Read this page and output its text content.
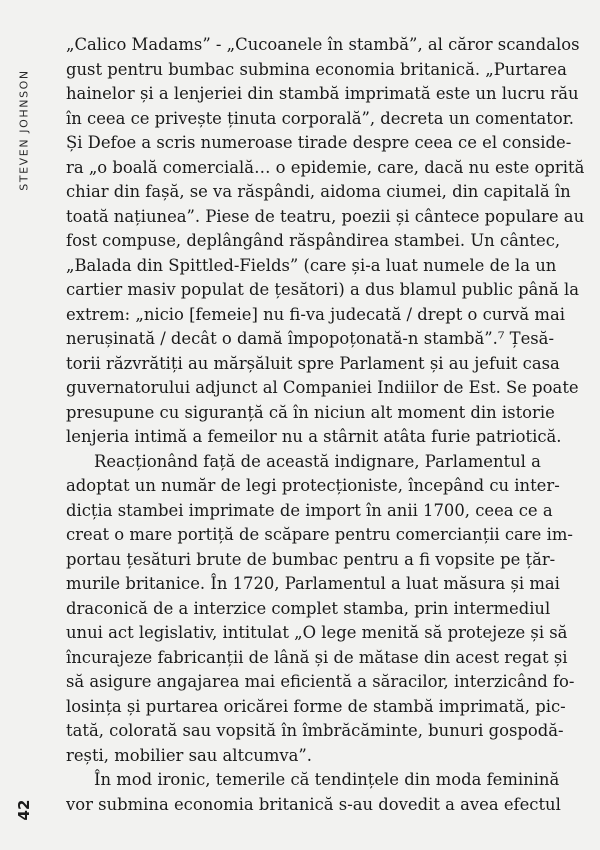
STEVEN JOHNSON
42
„Calico Madams” - „Cucoanele în stambă”, al căror scandalos
gust pentru bumbac submina economia britanică. „Purtarea
hainelor și a lenjeriei din stambă imprimată este un lucru rău
în ceea ce privește ținuta corporală”, decreta un comentator.
Și Defoe a scris numeroase tirade despre ceea ce el conside-
ra „o boală comercială… o epidemie, care, dacă nu este oprită
chiar din fașă, se va răspândi, aidoma ciumei, din capitală în
toată națiunea”. Piese de teatru, poezii și cântece populare au
fost compuse, deplângând răspândirea stambei. Un cântec,
„Balada din Spittled-Fields” (care și-a luat numele de la un
cartier masiv populat de țesători) a dus blamul public până la
extrem: „nicio [femeie] nu fi-va judecată / drept o curvă mai
nerușinată / decât o damă împopoțonată-n stambă”.⁷ Țesă-
torii răzvrătiți au mărșăluit spre Parlament și au jefuit casa
guvernatorului adjunct al Companiei Indiilor de Est. Se poate
presupune cu siguranță că în niciun alt moment din istorie
lenjeria intimă a femeilor nu a stârnit atâta furie patriotică.
Reacționând față de această indignare, Parlamentul a
adoptat un număr de legi protecționiste, începând cu inter-
dicția stambei imprimate de import în anii 1700, ceea ce a
creat o mare portiță de scăpare pentru comercianții care im-
portau țesături brute de bumbac pentru a fi vopsite pe țăr-
murile britanice. În 1720, Parlamentul a luat măsura și mai
draconică de a interzice complet stamba, prin intermediul
unui act legislativ, intitulat „O lege menită să protejeze și să
încurajeze fabricanții de lână și de mătase din acest regat și
să asigure angajarea mai eficientă a săracilor, interzicând fo-
losința și purtarea oricărei forme de stambă imprimată, pic-
tată, colorată sau vopsită în îmbrăcăminte, bunuri gospodă-
rești, mobilier sau altcumva”.
În mod ironic, temerile că tendințele din moda feminină
vor submina economia britanică s-au dovedit a avea efectul
